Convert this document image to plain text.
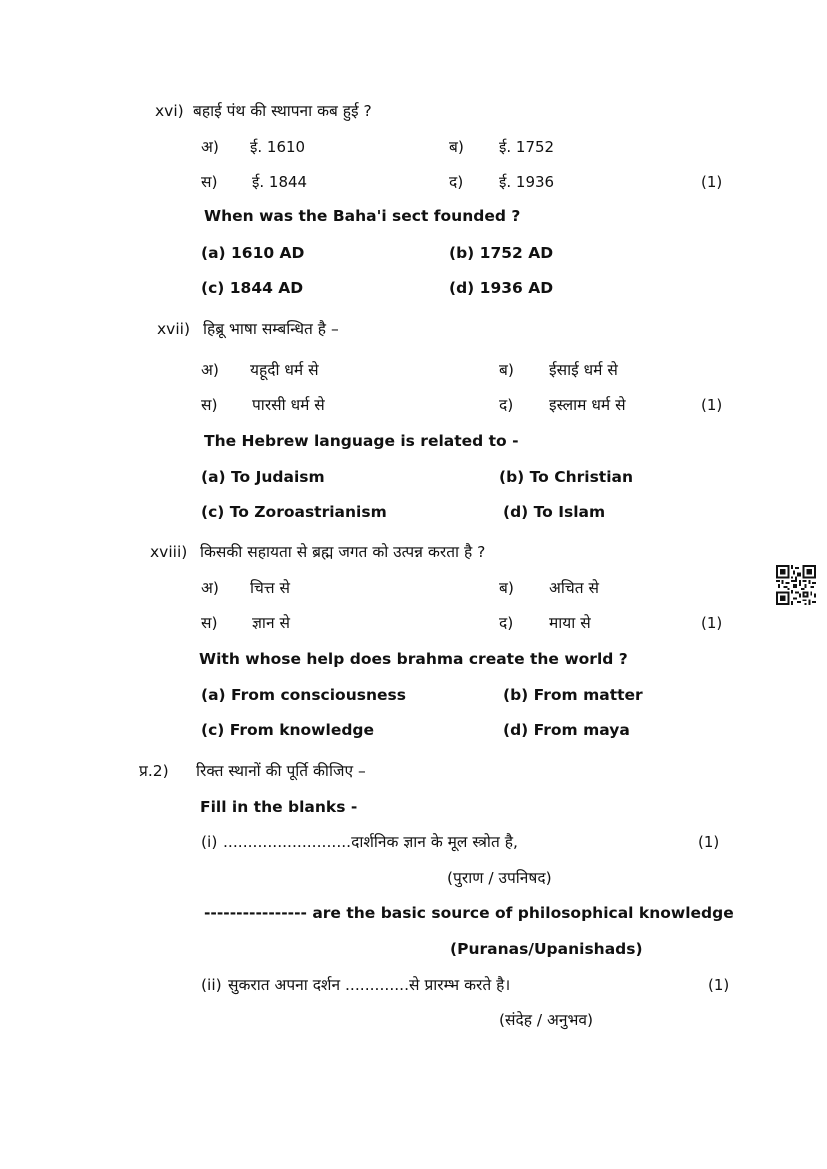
xvi) बहाई पंथ की स्थापना कब हुई ?
अ) ई. 1610	ब) ई. 1752
स) ई. 1844	द) ई. 1936	(1)
When was the Baha'i sect founded ?
(a) 1610 AD	(b) 1752 AD
(c) 1844 AD	(d) 1936 AD
xvii) हिब्रू भाषा सम्बन्धित है –
अ) यहूदी धर्म से	ब) ईसाई धर्म से
स) पारसी धर्म से	द) इस्लाम धर्म से	(1)
The Hebrew language is related to -
(a) To Judaism	(b) To Christian
(c) To Zoroastrianism	(d) To Islam
xviii) किसकी सहायता से ब्रह्म जगत को उत्पन्न करता है ?
अ) चित्त से	ब) अचित से
स) ज्ञान से	द) माया से	(1)
With whose help does brahma create the world ?
(a) From consciousness	(b) From matter
(c) From knowledge	(d) From maya
प्र.2) रिक्त स्थानों की पूर्ति कीजिए –
Fill in the blanks -
(i) ..........................दार्शनिक ज्ञान के मूल स्त्रोत है,	(1)
(पुराण / उपनिषद)
---------------- are the basic source of philosophical knowledge
(Puranas/Upanishads)
(ii) सुकरात अपना दर्शन .............से प्रारम्भ करते है।	(1)
(संदेह / अनुभव)
